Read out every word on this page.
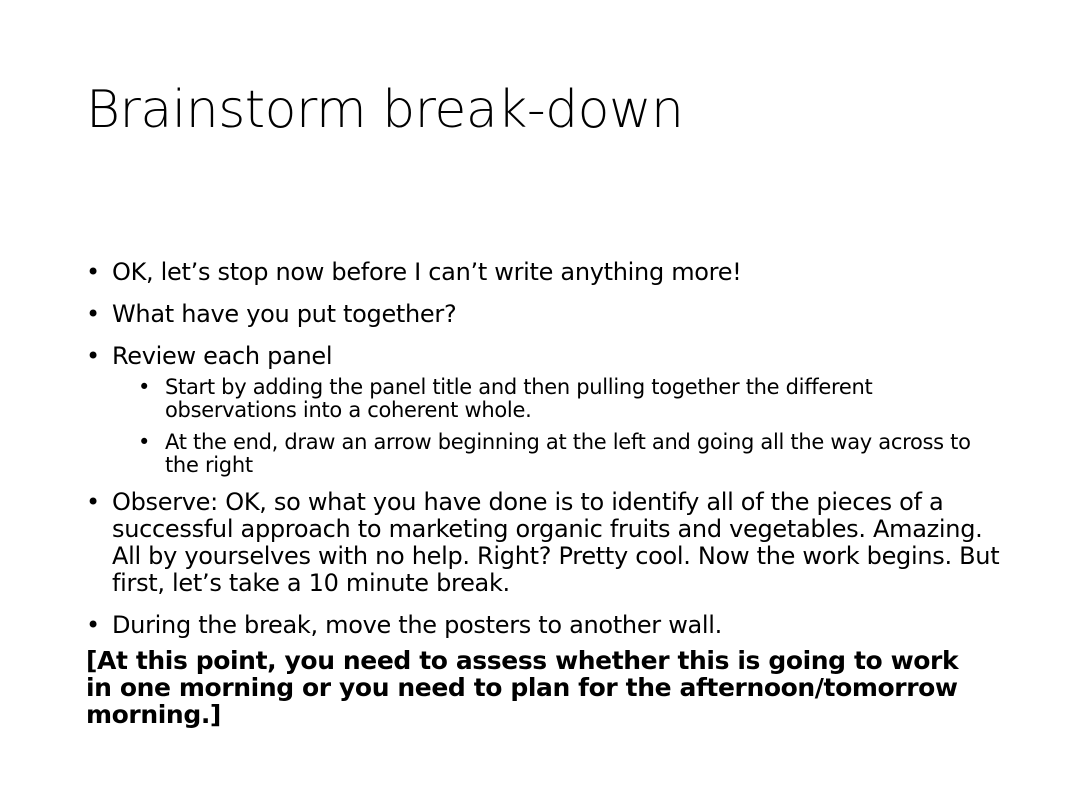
Brainstorm break-down
• OK, let’s stop now before I can’t write anything more!
• What have you put together?
• Review each panel
• Start by adding the panel title and then pulling together the different observations into a coherent whole.
• At the end, draw an arrow beginning at the left and going all the way across to the right
• Observe: OK, so what you have done is to identify all of the pieces of a successful approach to marketing organic fruits and vegetables. Amazing. All by yourselves with no help. Right? Pretty cool. Now the work begins. But first, let’s take a 10 minute break.
• During the break, move the posters to another wall.
[At this point, you need to assess whether this is going to work in one morning or you need to plan for the afternoon/tomorrow morning.]
